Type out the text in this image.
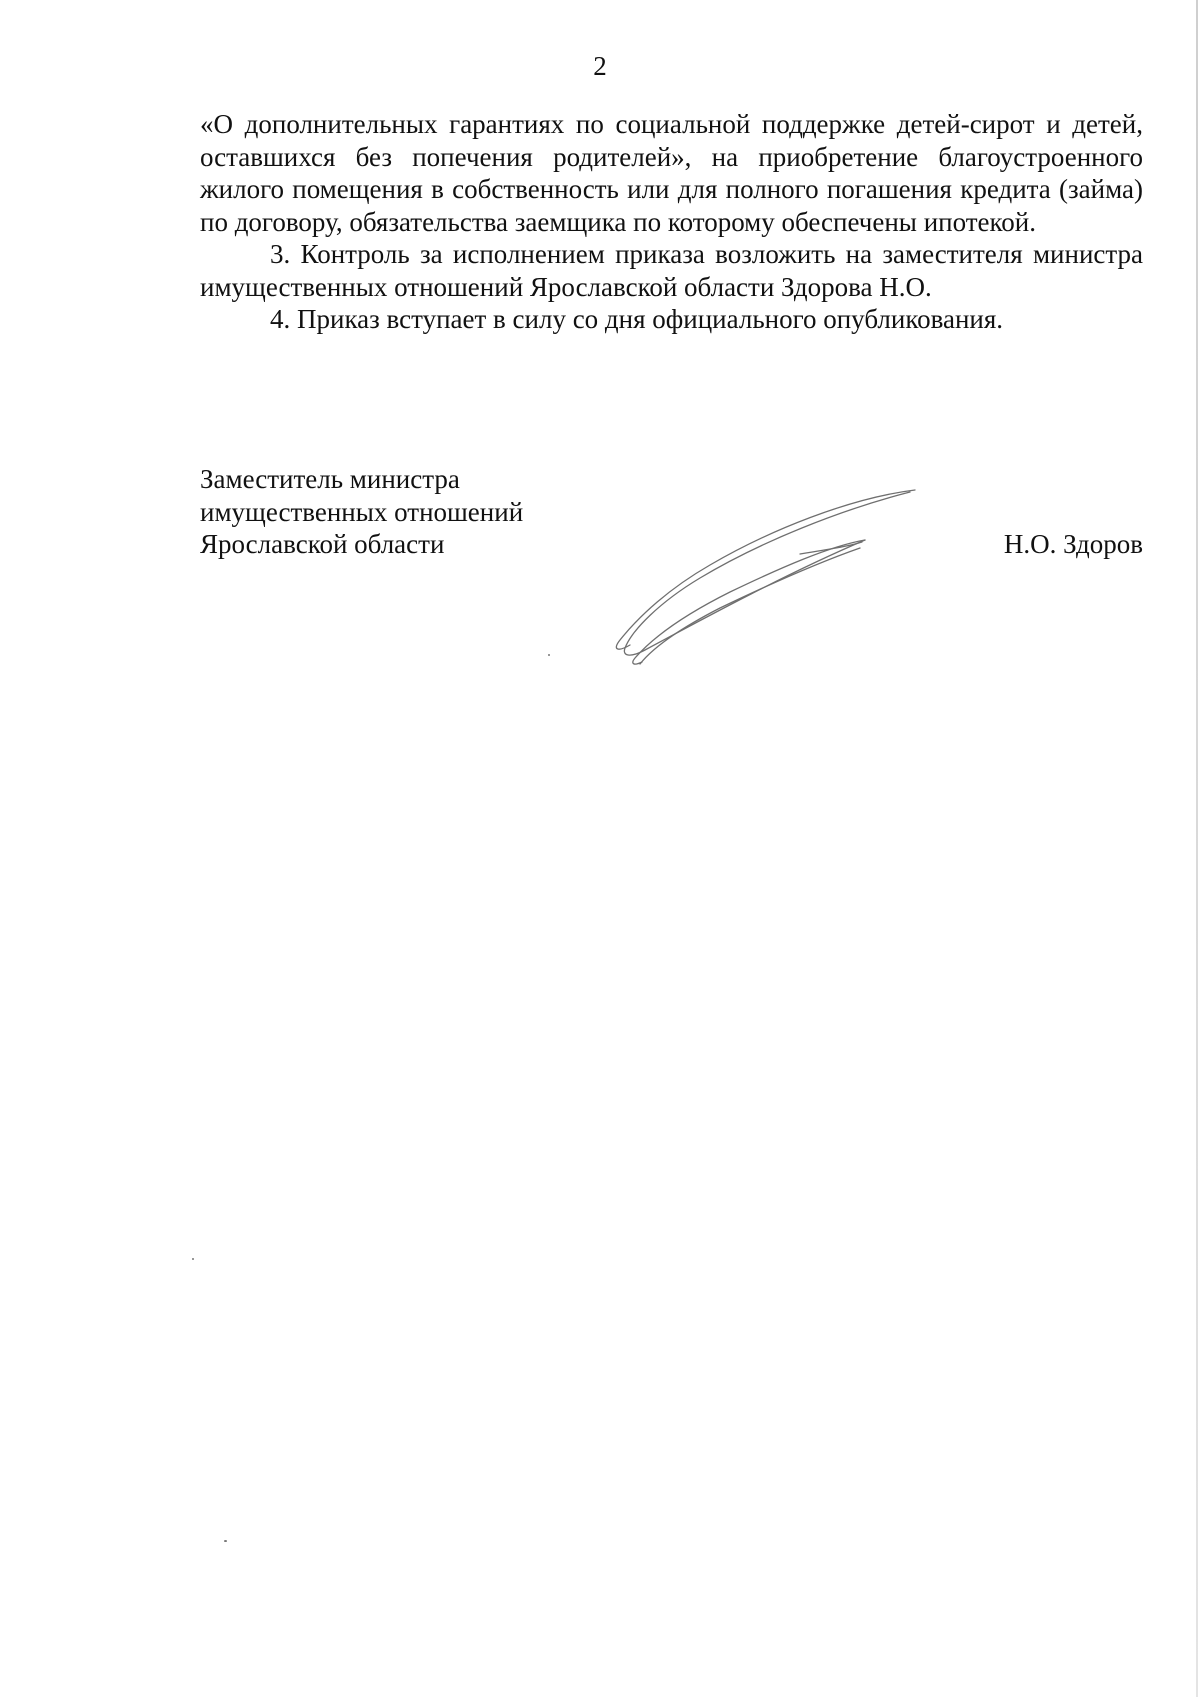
2

«О дополнительных гарантиях по социальной поддержке детей-сирот и детей, оставшихся без попечения родителей», на приобретение благоустроенного жилого помещения в собственность или для полного погашения кредита (займа) по договору, обязательства заемщика по которому обеспечены ипотекой.

3. Контроль за исполнением приказа возложить на заместителя министра имущественных отношений Ярославской области Здорова Н.О.

4. Приказ вступает в силу со дня официального опубликования.

Заместитель министра
имущественных отношений
Ярославской области	Н.О. Здоров
